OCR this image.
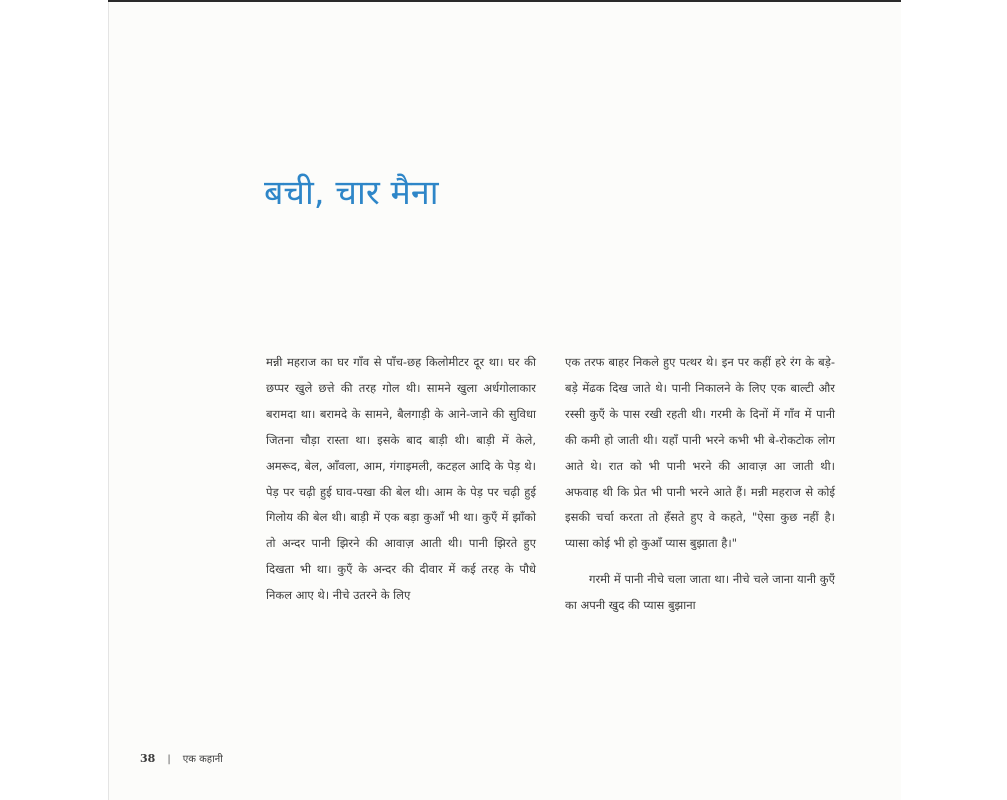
बची, चार मैना

मन्नी महराज का घर गाँव से पाँच-छह किलोमीटर दूर था। घर की छप्पर खुले छत्ते की तरह गोल थी। सामने खुला अर्धगोलाकार बरामदा था। बरामदे के सामने, बैलगाड़ी के आने-जाने की सुविधा जितना चौड़ा रास्ता था। इसके बाद बाड़ी थी। बाड़ी में केले, अमरूद, बेल, आँवला, आम, गंगाइमली, कटहल आदि के पेड़ थे। पेड़ पर चढ़ी हुई घाव-पखा की बेल थी। आम के पेड़ पर चढ़ी हुई गिलोय की बेल थी। बाड़ी में एक बड़ा कुआँ भी था। कुएँ में झाँको तो अन्दर पानी झिरने की आवाज़ आती थी। पानी झिरते हुए दिखता भी था। कुएँ के अन्दर की दीवार में कई तरह के पौधे निकल आए थे। नीचे उतरने के लिए

एक तरफ बाहर निकले हुए पत्थर थे। इन पर कहीं हरे रंग के बड़े-बड़े मेंढक दिख जाते थे। पानी निकालने के लिए एक बाल्टी और रस्सी कुएँ के पास रखी रहती थी। गरमी के दिनों में गाँव में पानी की कमी हो जाती थी। यहाँ पानी भरने कभी भी बे-रोकटोक लोग आते थे। रात को भी पानी भरने की आवाज़ आ जाती थी। अफवाह थी कि प्रेत भी पानी भरने आते हैं। मन्नी महराज से कोई इसकी चर्चा करता तो हँसते हुए वे कहते, "ऐसा कुछ नहीं है। प्यासा कोई भी हो कुआँ प्यास बुझाता है।"

गरमी में पानी नीचे चला जाता था। नीचे चले जाना यानी कुएँ का अपनी खुद की प्यास बुझाना

38 | एक कहानी
